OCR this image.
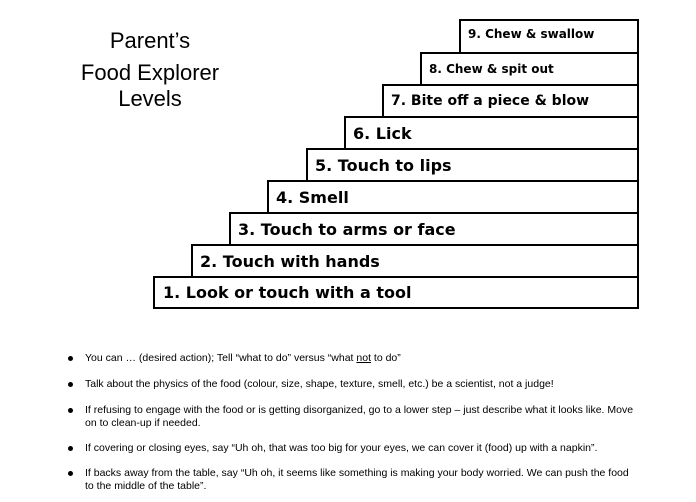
Parent’s
Food Explorer
Levels
1. Look or touch with a tool
2. Touch with hands
3. Touch to arms or face
4. Smell
5. Touch to lips
6. Lick
7. Bite off a piece & blow
8. Chew & spit out
9. Chew & swallow
You can … (desired action); Tell “what to do” versus “what not to do”
Talk about the physics of the food (colour, size, shape, texture, smell, etc.) be a scientist, not a judge!
If refusing to engage with the food or is getting disorganized, go to a lower step – just describe what it looks like. Move on to clean-up if needed.
If covering or closing eyes, say “Uh oh, that was too big for your eyes, we can cover it (food) up with a napkin”.
If backs away from the table, say “Uh oh, it seems like something is making your body worried. We can push the food to the middle of the table”.
